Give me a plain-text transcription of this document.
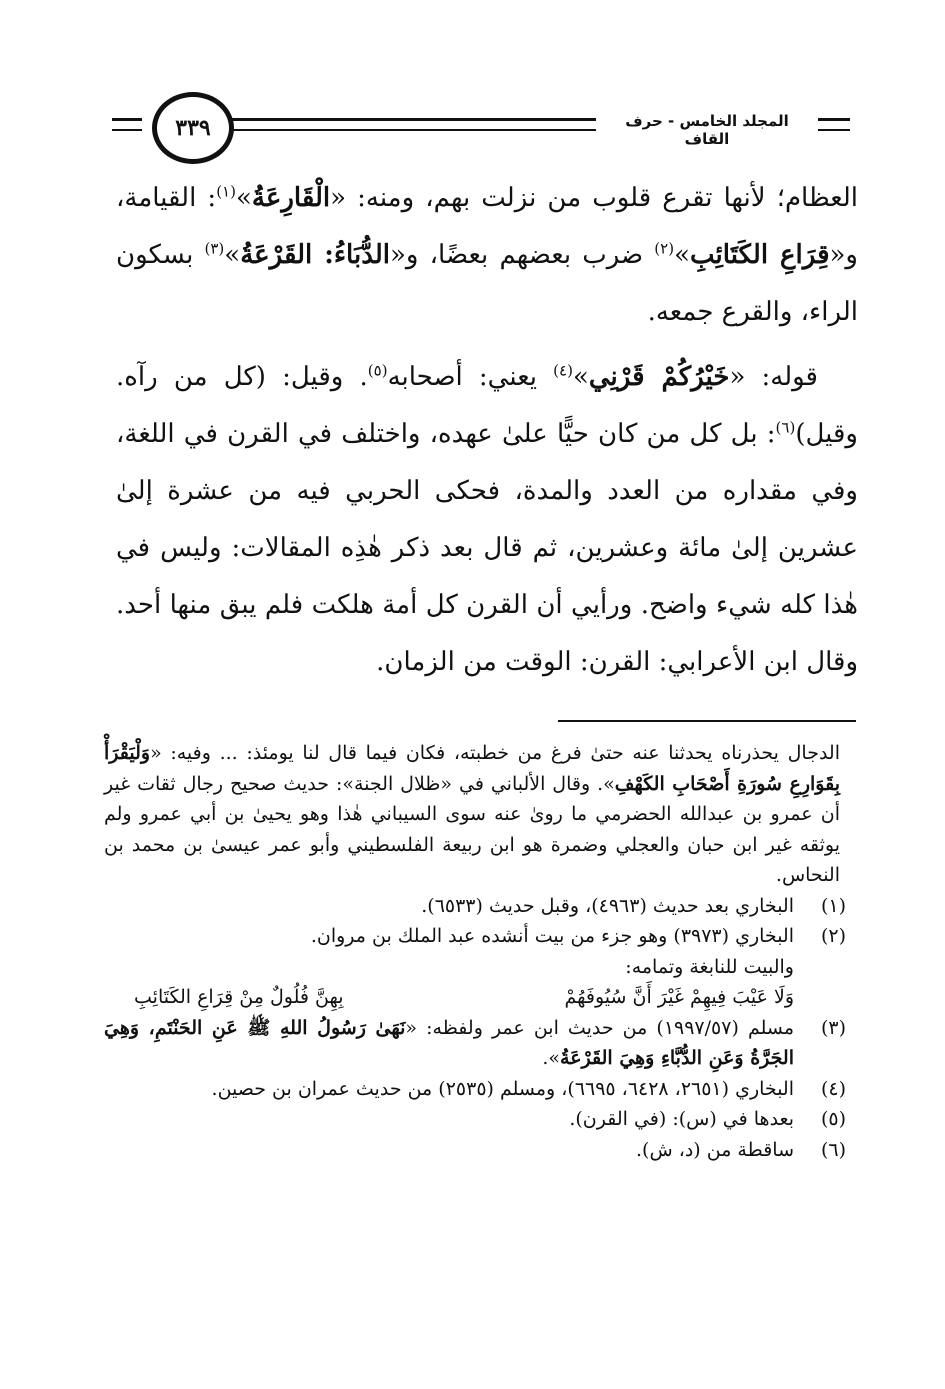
٣٣٩	المجلد الخامس - حرف القاف

العظام؛ لأنها تقرع قلوب من نزلت بهم، ومنه: «الْقَارِعَةُ»$^{(١)}$: القيامة، و«قِرَاعِ الكَتَائِبِ»$^{(٢)}$ ضرب بعضهم بعضًا، و«الدُّبَاءُ: القَرْعَةُ»$^{(٣)}$ بسكون الراء، والقرع جمعه.

قوله: «خَيْرُكُمْ قَرْنِي»$^{(٤)}$ يعني: أصحابه$^{(٥)}$. وقيل: (كل من رآه. وقيل)$^{(٦)}$: بل كل من كان حيًّا علىٰ عهده، واختلف في القرن في اللغة، وفي مقداره من العدد والمدة، فحكى الحربي فيه من عشرة إلىٰ عشرين إلىٰ مائة وعشرين، ثم قال بعد ذكر هٰذِه المقالات: وليس في هٰذا كله شيء واضح. ورأيي أن القرن كل أمة هلكت فلم يبق منها أحد. وقال ابن الأعرابي: القرن: الوقت من الزمان.

الدجال يحذرناه يحدثنا عنه حتىٰ فرغ من خطبته، فكان فيما قال لنا يومئذ: ... وفيه: «وَلْيَقْرَأْ بِقَوَارِعِ سُورَةِ أَصْحَابِ الكَهْفِ». وقال الألباني في «ظلال الجنة»: حديث صحيح رجال ثقات غير أن عمرو بن عبدالله الحضرمي ما روىٰ عنه سوى السيباني هٰذا وهو يحيىٰ بن أبي عمرو ولم يوثقه غير ابن حبان والعجلي وضمرة هو ابن ربيعة الفلسطيني وأبو عمر عيسىٰ بن محمد بن النحاس.

(١)
البخاري بعد حديث (٤٩٦٣)، وقبل حديث (٦٥٣٣).
(٢)
البخاري (٣٩٧٣) وهو جزء من بيت أنشده عبد الملك بن مروان.

والبيت للنابغة وتمامه:

وَلَا عَيْبَ فِيهِمْ غَيْرَ أَنَّ سُيُوفَهُمْ
بِهِنَّ فُلُولٌ مِنْ قِرَاعِ الكَتَائِبِ
(٣)
مسلم (١٩٩٧/٥٧) من حديث ابن عمر ولفظه: «نَهَىٰ رَسُولُ اللهِ ﷺ عَنِ الحَنْتَمِ، وَهِيَ الجَرَّةُ وَعَنِ الدُّبَّاءِ وَهِيَ القَرْعَةُ».
(٤)
البخاري (٢٦٥١، ٦٤٢٨، ٦٦٩٥)، ومسلم (٢٥٣٥) من حديث عمران بن حصين.
(٥)
بعدها في (س): (في القرن).
(٦)
ساقطة من (د، ش).
